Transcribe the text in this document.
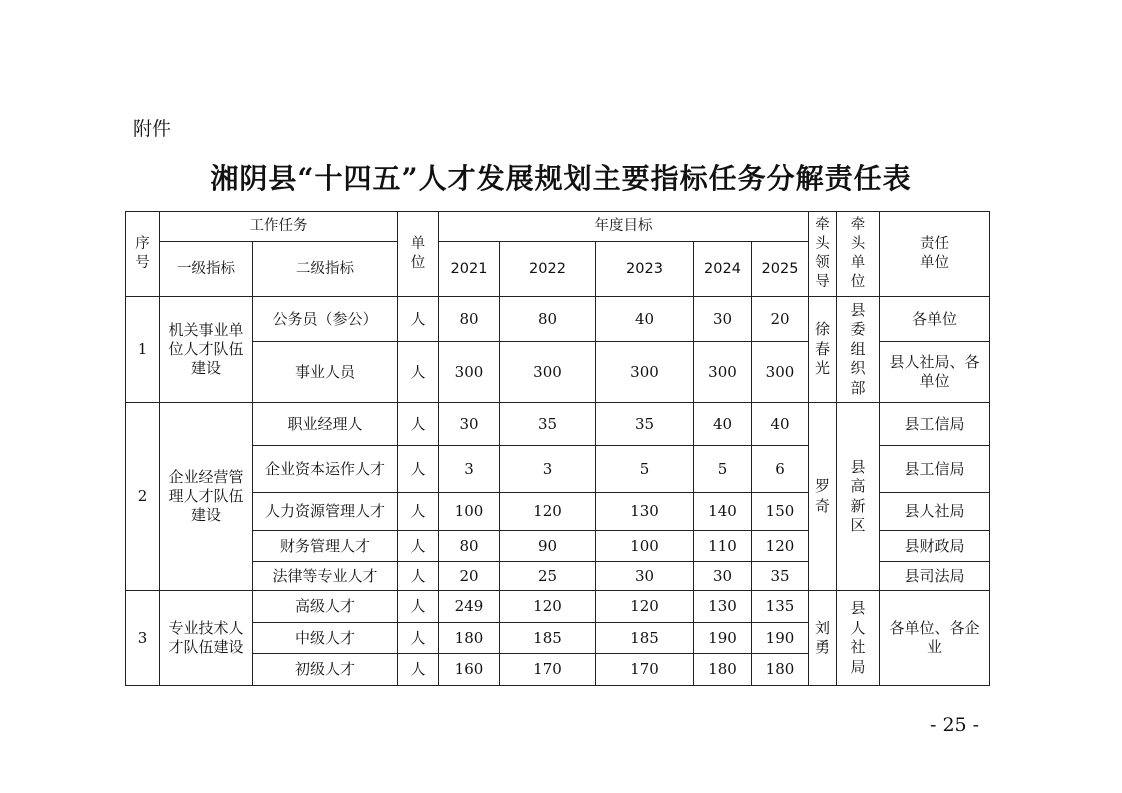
附件
湘阴县“十四五”人才发展规划主要指标任务分解责任表
序号	工作任务		单位	年度目标					牵头领导	牵头单位	责任单位
	一级指标	二级指标		2021	2022	2023	2024	2025			
1	机关事业单位人才队伍建设	公务员（参公）	人	80	80	40	30	20	徐春光	县委组织部	各单位
		事业人员	人	300	300	300	300	300			县人社局、各单位
2	企业经营管理人才队伍建设	职业经理人	人	30	35	35	40	40	罗奇	县高新区	县工信局
		企业资本运作人才	人	3	3	5	5	6			县工信局
		人力资源管理人才	人	100	120	130	140	150			县人社局
		财务管理人才	人	80	90	100	110	120			县财政局
		法律等专业人才	人	20	25	30	30	35			县司法局
3	专业技术人才队伍建设	高级人才	人	249	120	120	130	135	刘勇	县人社局	各单位、各企业
		中级人才	人	180	185	185	190	190			
		初级人才	人	160	170	170	180	180			
- 25 -
